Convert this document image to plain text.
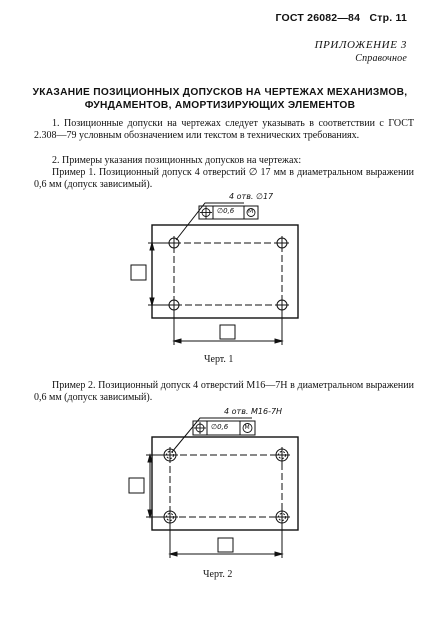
ГОСТ 26082—84 Стр. 11
ПРИЛОЖЕНИЕ 3
Справочное
УКАЗАНИЕ ПОЗИЦИОННЫХ ДОПУСКОВ НА ЧЕРТЕЖАХ МЕХАНИЗМОВ,
ФУНДАМЕНТОВ, АМОРТИЗИРУЮЩИХ ЭЛЕМЕНТОВ
1. Позиционные допуски на чертежах следует указывать в соответствии с ГОСТ 2.308—79 условным обозначением или текстом в технических требованиях.
2. Примеры указания позиционных допусков на чертежах:
Пример 1. Позиционный допуск 4 отверстий ∅ 17 мм в диаметральном выражении 0,6 мм (допуск зависимый).
4 отв. ∅17
∅0,6 M
Черт. 1
Пример 2. Позиционный допуск 4 отверстий М16—7Н в диаметральном выражении 0,6 мм (допуск зависимый).
4 отв. М16-7Н
∅0,6	M
Черт. 2
